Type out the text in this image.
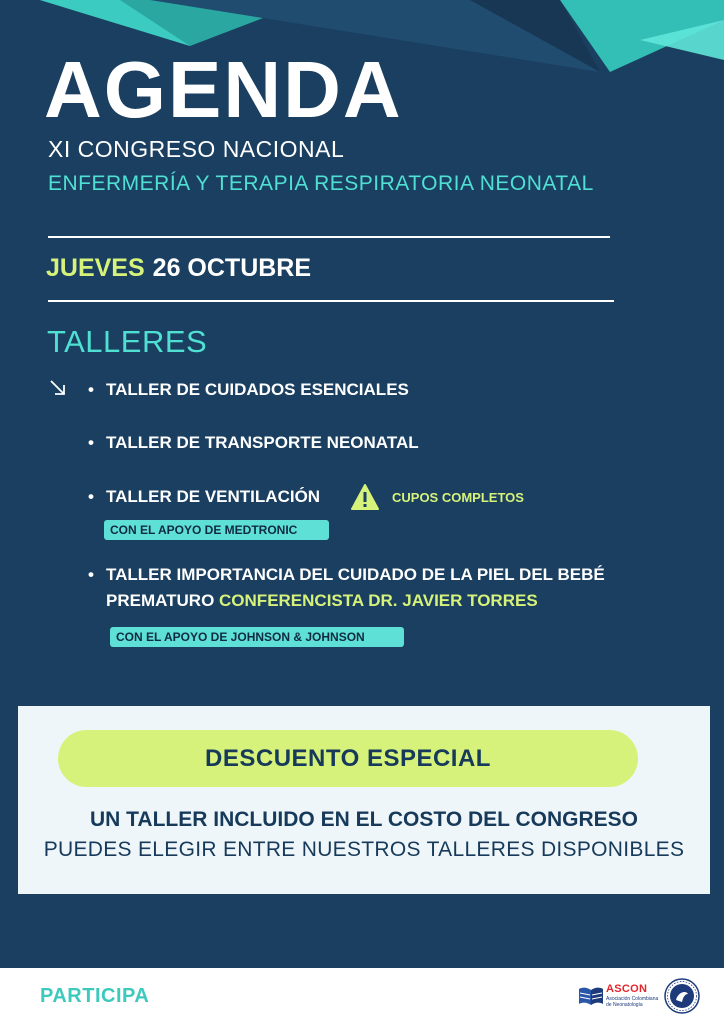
AGENDA
XI CONGRESO NACIONAL
ENFERMERÍA Y TERAPIA RESPIRATORIA NEONATAL
JUEVES 26 OCTUBRE
TALLERES
• TALLER DE CUIDADOS ESENCIALES
• TALLER DE TRANSPORTE NEONATAL
• TALLER DE VENTILACIÓN	CUPOS COMPLETOS
CON EL APOYO DE MEDTRONIC
• TALLER IMPORTANCIA DEL CUIDADO DE LA PIEL DEL BEBÉ
PREMATURO CONFERENCISTA DR. JAVIER TORRES
CON EL APOYO DE JOHNSON & JOHNSON
DESCUENTO ESPECIAL
UN TALLER INCLUIDO EN EL COSTO DEL CONGRESO
PUEDES ELEGIR ENTRE NUESTROS TALLERES DISPONIBLES
PARTICIPA	ASCON
Asociación Colombiana de Neonatología
